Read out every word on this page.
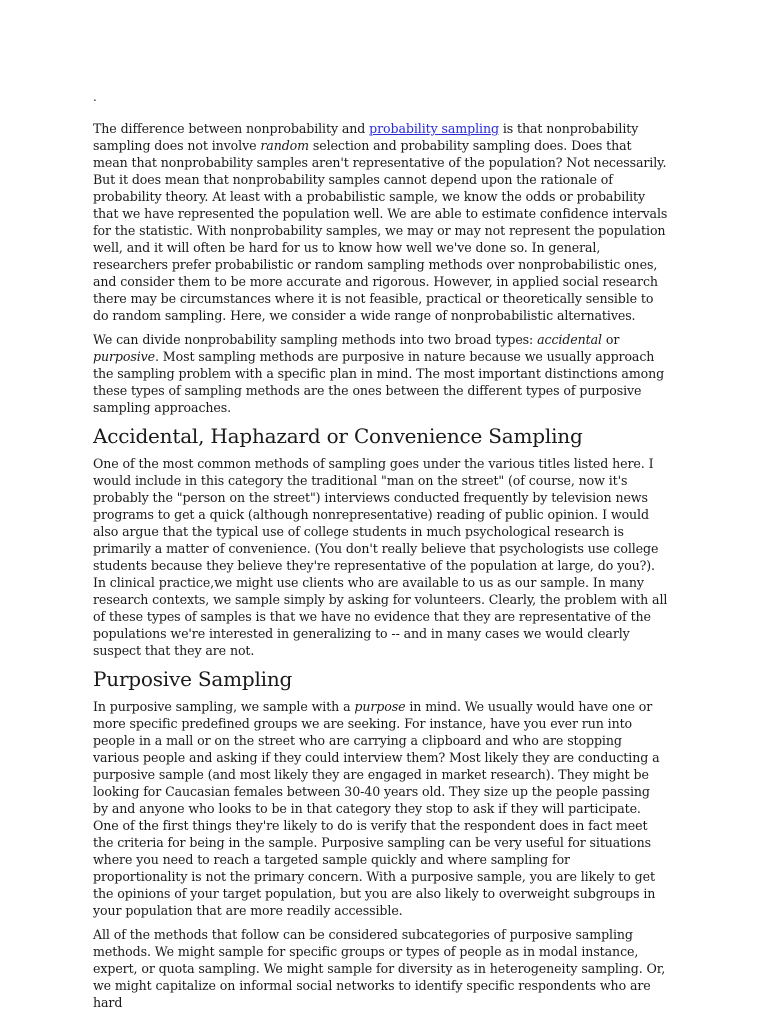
.

The difference between nonprobability and probability sampling is that nonprobability sampling does not involve random selection and probability sampling does. Does that mean that nonprobability samples aren't representative of the population? Not necessarily. But it does mean that nonprobability samples cannot depend upon the rationale of probability theory. At least with a probabilistic sample, we know the odds or probability that we have represented the population well. We are able to estimate confidence intervals for the statistic. With nonprobability samples, we may or may not represent the population well, and it will often be hard for us to know how well we've done so. In general, researchers prefer probabilistic or random sampling methods over nonprobabilistic ones, and consider them to be more accurate and rigorous. However, in applied social research there may be circumstances where it is not feasible, practical or theoretically sensible to do random sampling. Here, we consider a wide range of nonprobabilistic alternatives.

We can divide nonprobability sampling methods into two broad types: accidental or purposive. Most sampling methods are purposive in nature because we usually approach the sampling problem with a specific plan in mind. The most important distinctions among these types of sampling methods are the ones between the different types of purposive sampling approaches.

Accidental, Haphazard or Convenience Sampling

One of the most common methods of sampling goes under the various titles listed here. I would include in this category the traditional "man on the street" (of course, now it's probably the "person on the street") interviews conducted frequently by television news programs to get a quick (although nonrepresentative) reading of public opinion. I would also argue that the typical use of college students in much psychological research is primarily a matter of convenience. (You don't really believe that psychologists use college students because they believe they're representative of the population at large, do you?). In clinical practice,we might use clients who are available to us as our sample. In many research contexts, we sample simply by asking for volunteers. Clearly, the problem with all of these types of samples is that we have no evidence that they are representative of the populations we're interested in generalizing to -- and in many cases we would clearly suspect that they are not.

Purposive Sampling

In purposive sampling, we sample with a purpose in mind. We usually would have one or more specific predefined groups we are seeking. For instance, have you ever run into people in a mall or on the street who are carrying a clipboard and who are stopping various people and asking if they could interview them? Most likely they are conducting a purposive sample (and most likely they are engaged in market research). They might be looking for Caucasian females between 30-40 years old. They size up the people passing by and anyone who looks to be in that category they stop to ask if they will participate. One of the first things they're likely to do is verify that the respondent does in fact meet the criteria for being in the sample. Purposive sampling can be very useful for situations where you need to reach a targeted sample quickly and where sampling for proportionality is not the primary concern. With a purposive sample, you are likely to get the opinions of your target population, but you are also likely to overweight subgroups in your population that are more readily accessible.

All of the methods that follow can be considered subcategories of purposive sampling methods. We might sample for specific groups or types of people as in modal instance, expert, or quota sampling. We might sample for diversity as in heterogeneity sampling. Or, we might capitalize on informal social networks to identify specific respondents who are hard
